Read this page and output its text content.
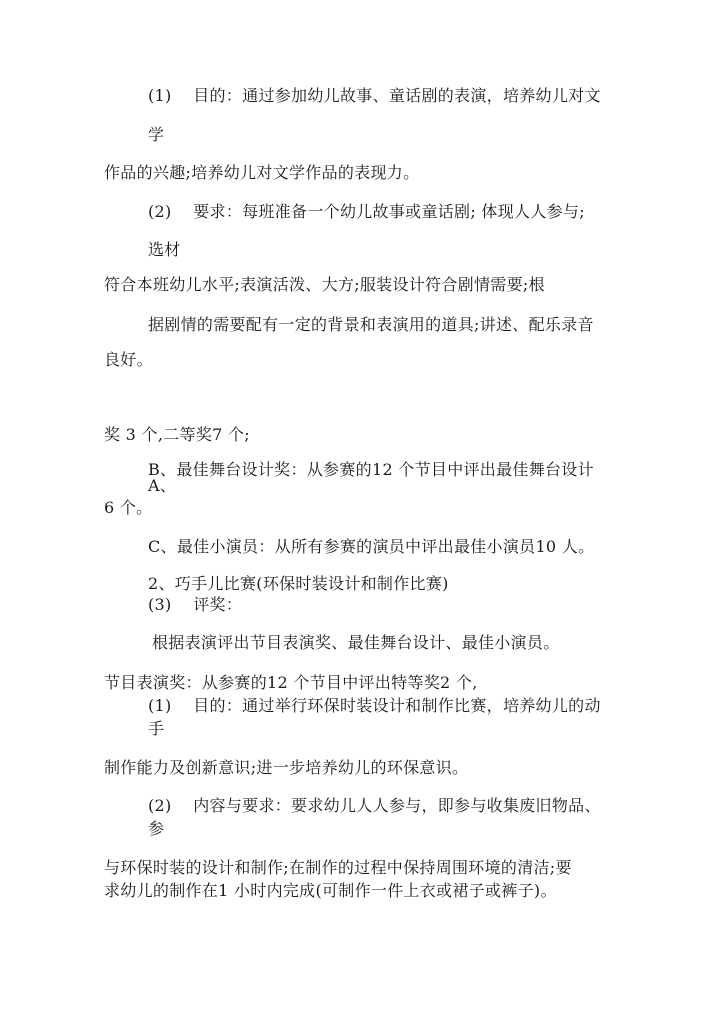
(1)　 目的：通过参加幼儿故事、童话剧的表演，培养幼儿对文
学
作品的兴趣;培养幼儿对文学作品的表现力。
(2)　 要求：每班准备一个幼儿故事或童话剧; 体现人人参与;
选材
符合本班幼儿水平;表演活泼、大方;服装设计符合剧情需要;根
据剧情的需要配有一定的背景和表演用的道具;讲述、配乐录音
良好。
奖 3 个,二等奖7 个;
B、最佳舞台设计奖：从参赛的12 个节目中评出最佳舞台设计
A、
6 个。
C、最佳小演员：从所有参赛的演员中评出最佳小演员10 人。
2、巧手儿比赛(环保时装设计和制作比赛)
(3)　 评奖：
根据表演评出节目表演奖、最佳舞台设计、最佳小演员。
节目表演奖：从参赛的12 个节目中评出特等奖2 个,
(1)　 目的：通过举行环保时装设计和制作比赛，培养幼儿的动
手
制作能力及创新意识;进一步培养幼儿的环保意识。
(2)　 内容与要求：要求幼儿人人参与，即参与收集废旧物品、
参
与环保时装的设计和制作;在制作的过程中保持周围环境的清洁;要
求幼儿的制作在1 小时内完成(可制作一件上衣或裙子或裤子)。
